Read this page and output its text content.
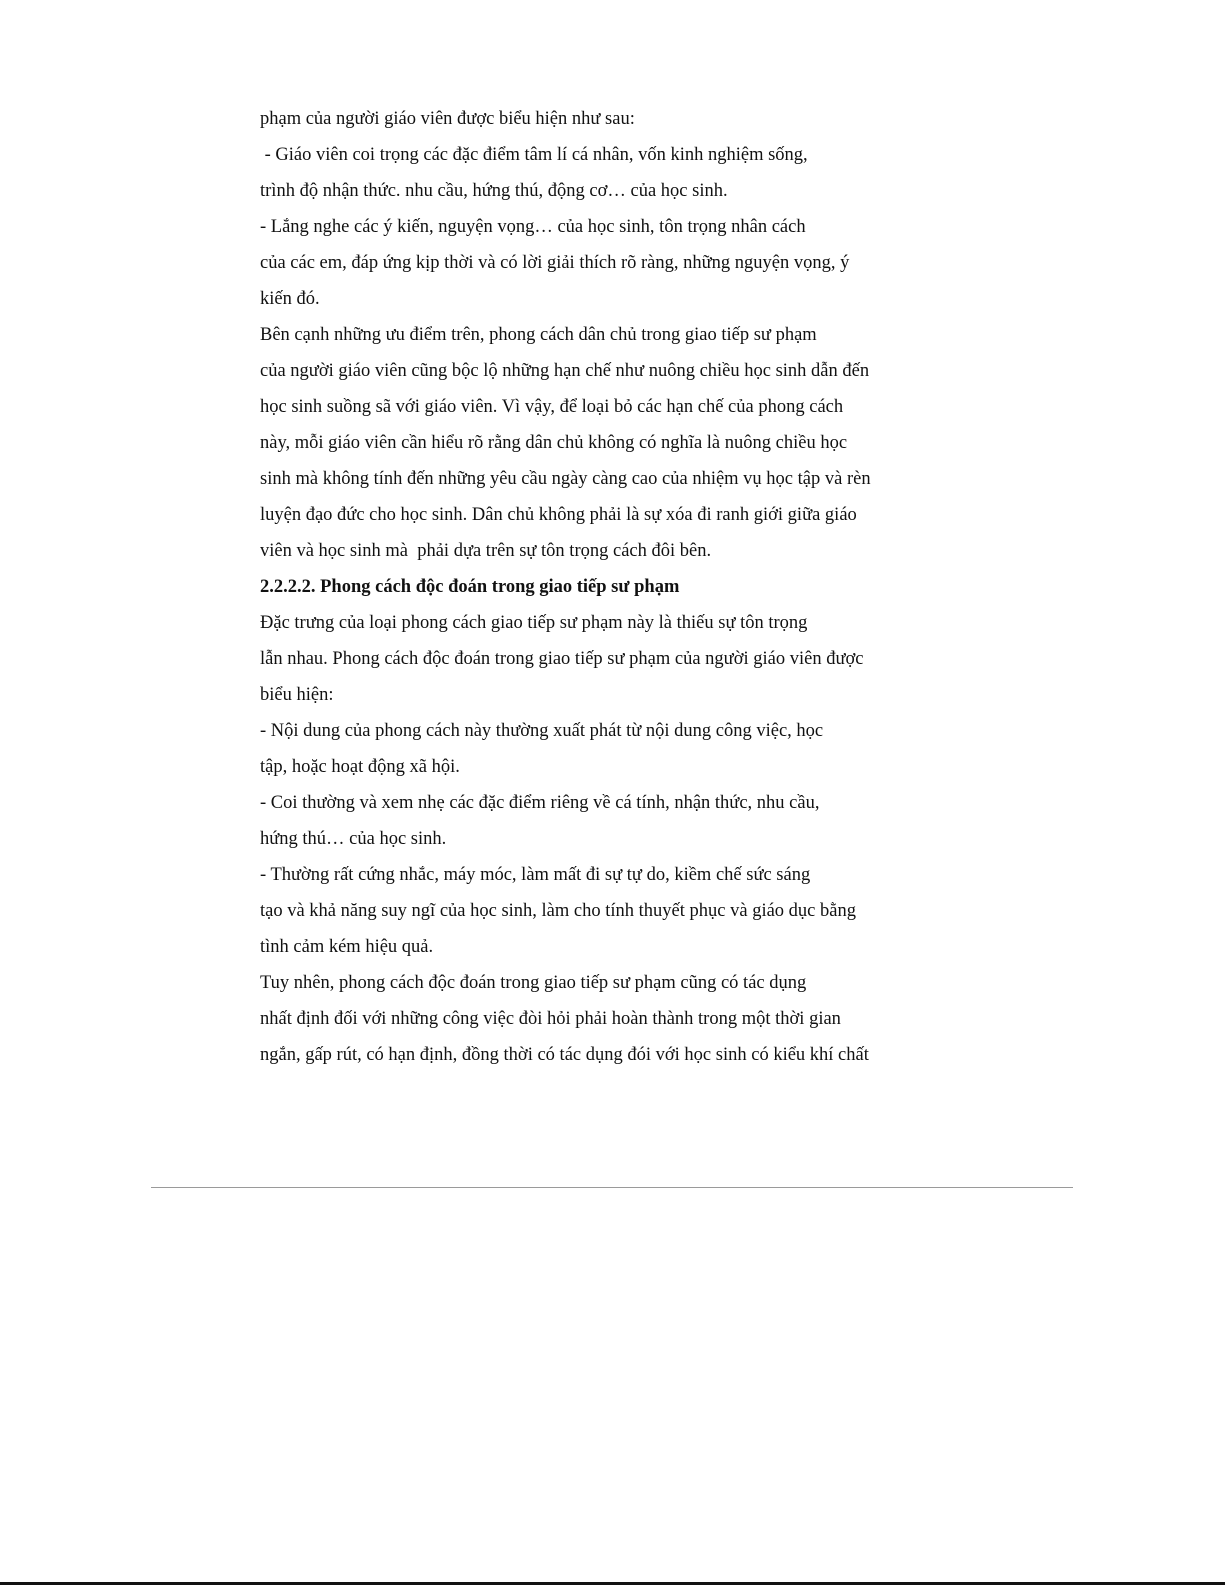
phạm của người giáo viên được biểu hiện như sau:
- Giáo viên coi trọng các đặc điểm tâm lí cá nhân, vốn kinh nghiệm sống,
trình độ nhận thức. nhu cầu, hứng thú, động cơ… của học sinh.
- Lắng nghe các ý kiến, nguyện vọng… của học sinh, tôn trọng nhân cách
của các em, đáp ứng kịp thời và có lời giải thích rõ ràng, những nguyện vọng, ý
kiến đó.
Bên cạnh những ưu điểm trên, phong cách dân chủ trong giao tiếp sư phạm
của người giáo viên cũng bộc lộ những hạn chế như nuông chiều học sinh dẫn đến
học sinh suồng sã với giáo viên. Vì vậy, để loại bỏ các hạn chế của phong cách
này, mỗi giáo viên cần hiểu rõ rằng dân chủ không có nghĩa là nuông chiều học
sinh mà không tính đến những yêu cầu ngày càng cao của nhiệm vụ học tập và rèn
luyện đạo đức cho học sinh. Dân chủ không phải là sự xóa đi ranh giới giữa giáo
viên và học sinh mà  phải dựa trên sự tôn trọng cách đôi bên.
2.2.2.2. Phong cách độc đoán trong giao tiếp sư phạm
Đặc trưng của loại phong cách giao tiếp sư phạm này là thiếu sự tôn trọng
lẫn nhau. Phong cách độc đoán trong giao tiếp sư phạm của người giáo viên được
biểu hiện:
- Nội dung của phong cách này thường xuất phát từ nội dung công việc, học
tập, hoặc hoạt động xã hội.
- Coi thường và xem nhẹ các đặc điểm riêng về cá tính, nhận thức, nhu cầu,
hứng thú… của học sinh.
- Thường rất cứng nhắc, máy móc, làm mất đi sự tự do, kiềm chế sức sáng
tạo và khả năng suy ngĩ của học sinh, làm cho tính thuyết phục và giáo dục bằng
tình cảm kém hiệu quả.
Tuy nhên, phong cách độc đoán trong giao tiếp sư phạm cũng có tác dụng
nhất định đối với những công việc đòi hỏi phải hoàn thành trong một thời gian
ngắn, gấp rút, có hạn định, đồng thời có tác dụng đói với học sinh có kiểu khí chất
